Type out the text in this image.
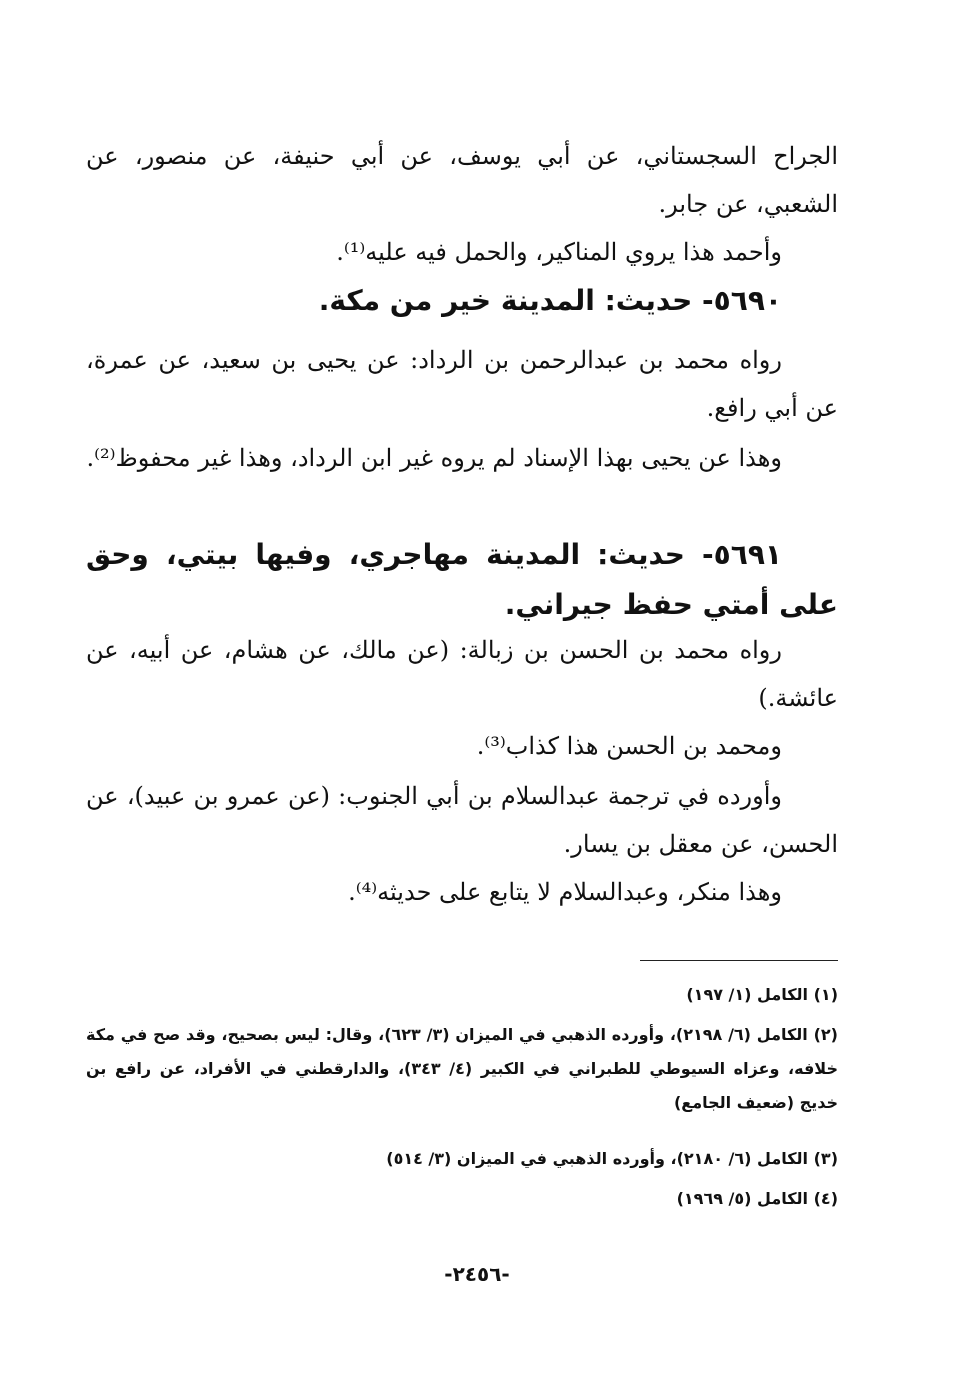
الجراح السجستاني، عن أبي يوسف، عن أبي حنيفة، عن منصور، عن الشعبي، عن جابر.
وأحمد هذا يروي المناكير، والحمل فيه عليه⁽¹⁾.
٥٦٩٠- حديث: المدينة خير من مكة.
رواه محمد بن عبدالرحمن بن الرداد: عن يحيى بن سعيد، عن عمرة، عن أبي رافع.
وهذا عن يحيى بهذا الإسناد لم يروه غير ابن الرداد، وهذا غير محفوظ⁽²⁾.
٥٦٩١- حديث: المدينة مهاجري، وفيها بيتي، وحق على أمتي حفظ جيراني.
رواه محمد بن الحسن بن زبالة: (عن مالك، عن هشام، عن أبيه، عن عائشة.)
ومحمد بن الحسن هذا كذاب⁽³⁾.
وأورده في ترجمة عبدالسلام بن أبي الجنوب: (عن عمرو بن عبيد)، عن الحسن، عن معقل بن يسار.
وهذا منكر، وعبدالسلام لا يتابع على حديثه⁽⁴⁾.
(١) الكامل (١/ ١٩٧)
(٢) الكامل (٦/ ٢١٩٨)، وأورده الذهبي في الميزان (٣/ ٦٢٣)، وقال: ليس بصحيح، وقد صح في مكة خلافه، وعزاه السيوطي للطبراني في الكبير (٤/ ٣٤٣)، والدارقطني في الأفراد، عن رافع بن خديج (ضعيف الجامع)
(٣) الكامل (٦/ ٢١٨٠)، وأورده الذهبي في الميزان (٣/ ٥١٤)
(٤) الكامل (٥/ ١٩٦٩)
-٢٤٥٦-
